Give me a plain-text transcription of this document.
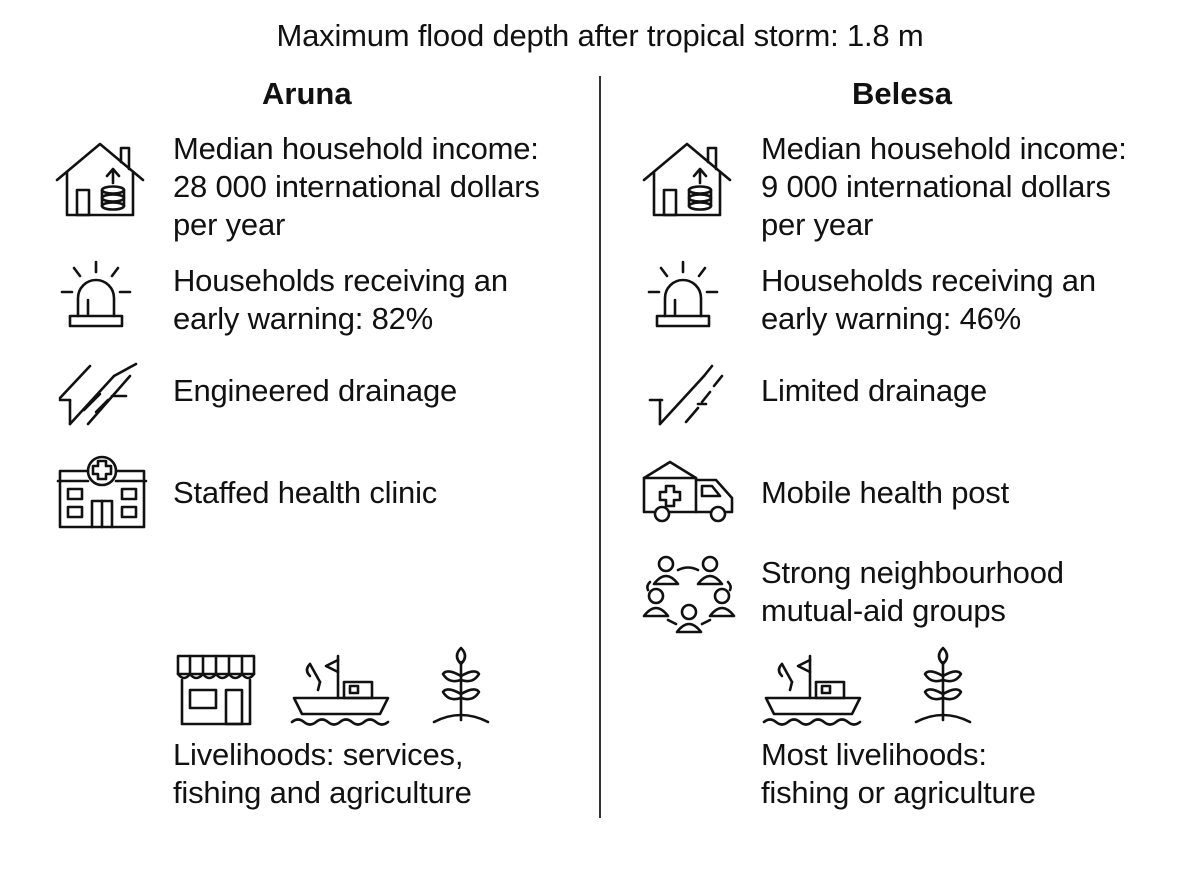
Maximum flood depth after tropical storm: 1.8 m
Aruna
Median household income:
28 000 international dollars
per year
Households receiving an
early warning: 82%
Engineered drainage
Staffed health clinic
Livelihoods: services,
fishing and agriculture
Belesa
Median household income:
9 000 international dollars
per year
Households receiving an
early warning: 46%
Limited drainage
Mobile health post
Strong neighbourhood
mutual-aid groups
Most livelihoods:
fishing or agriculture
